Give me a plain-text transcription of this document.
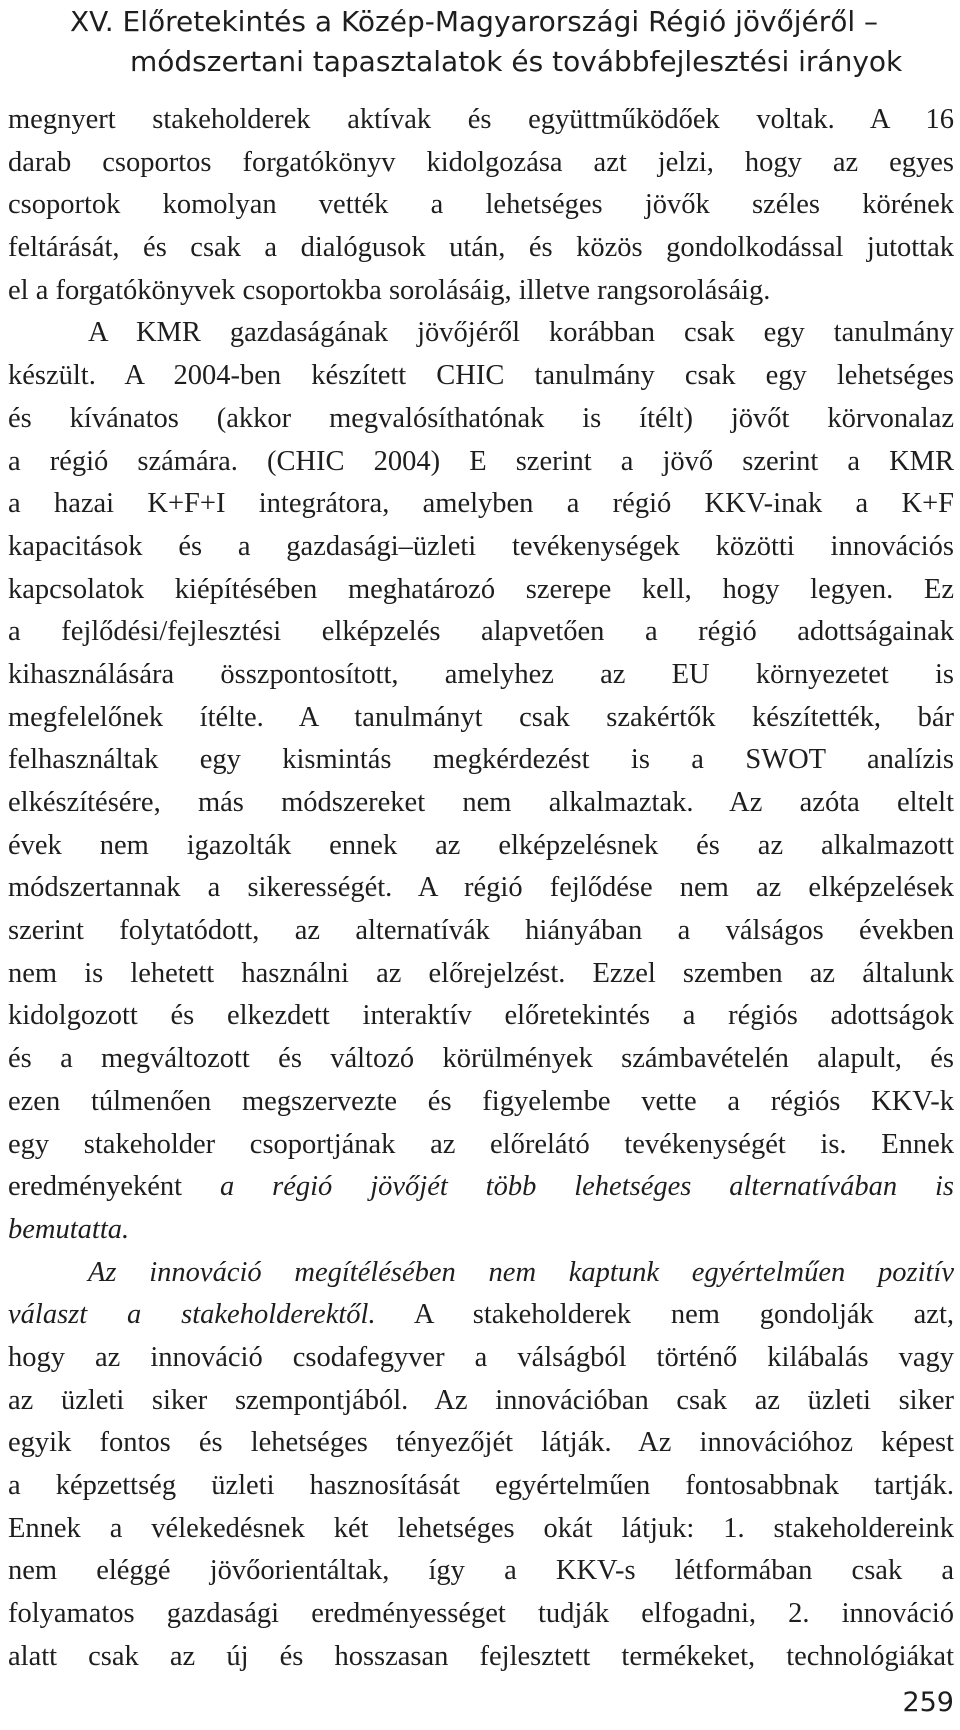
XV. Előretekintés a Közép-Magyarországi Régió jövőjéről –
módszertani tapasztalatok és továbbfejlesztési irányok
megnyert stakeholderek aktívak és együttműködőek voltak. A 16
darab csoportos forgatókönyv kidolgozása azt jelzi, hogy az egyes
csoportok komolyan vették a lehetséges jövők széles körének
feltárását, és csak a dialógusok után, és közös gondolkodással jutottak
el a forgatókönyvek csoportokba sorolásáig, illetve rangsorolásáig.
A KMR gazdaságának jövőjéről korábban csak egy tanulmány
készült. A 2004-ben készített CHIC tanulmány csak egy lehetséges
és kívánatos (akkor megvalósíthatónak is ítélt) jövőt körvonalaz
a régió számára. (CHIC 2004) E szerint a jövő szerint a KMR
a hazai K+F+I integrátora, amelyben a régió KKV-inak a K+F
kapacitások és a gazdasági–üzleti tevékenységek közötti innovációs
kapcsolatok kiépítésében meghatározó szerepe kell, hogy legyen. Ez
a fejlődési/fejlesztési elképzelés alapvetően a régió adottságainak
kihasználására összpontosított, amelyhez az EU környezetet is
megfelelőnek ítélte. A tanulmányt csak szakértők készítették, bár
felhasználtak egy kismintás megkérdezést is a SWOT analízis
elkészítésére, más módszereket nem alkalmaztak. Az azóta eltelt
évek nem igazolták ennek az elképzelésnek és az alkalmazott
módszertannak a sikerességét. A régió fejlődése nem az elképzelések
szerint folytatódott, az alternatívák hiányában a válságos években
nem is lehetett használni az előrejelzést. Ezzel szemben az általunk
kidolgozott és elkezdett interaktív előretekintés a régiós adottságok
és a megváltozott és változó körülmények számbavételén alapult, és
ezen túlmenően megszervezte és figyelembe vette a régiós KKV-k
egy stakeholder csoportjának az előrelátó tevékenységét is. Ennek
eredményeként a régió jövőjét több lehetséges alternatívában is
bemutatta.
Az innováció megítélésében nem kaptunk egyértelműen pozitív
választ a stakeholderektől. A stakeholderek nem gondolják azt,
hogy az innováció csodafegyver a válságból történő kilábalás vagy
az üzleti siker szempontjából. Az innovációban csak az üzleti siker
egyik fontos és lehetséges tényezőjét látják. Az innovációhoz képest
a képzettség üzleti hasznosítását egyértelműen fontosabbnak tartják.
Ennek a vélekedésnek két lehetséges okát látjuk: 1. stakeholdereink
nem eléggé jövőorientáltak, így a KKV-s létformában csak a
folyamatos gazdasági eredményességet tudják elfogadni, 2. innováció
alatt csak az új és hosszasan fejlesztett termékeket, technológiákat
259
